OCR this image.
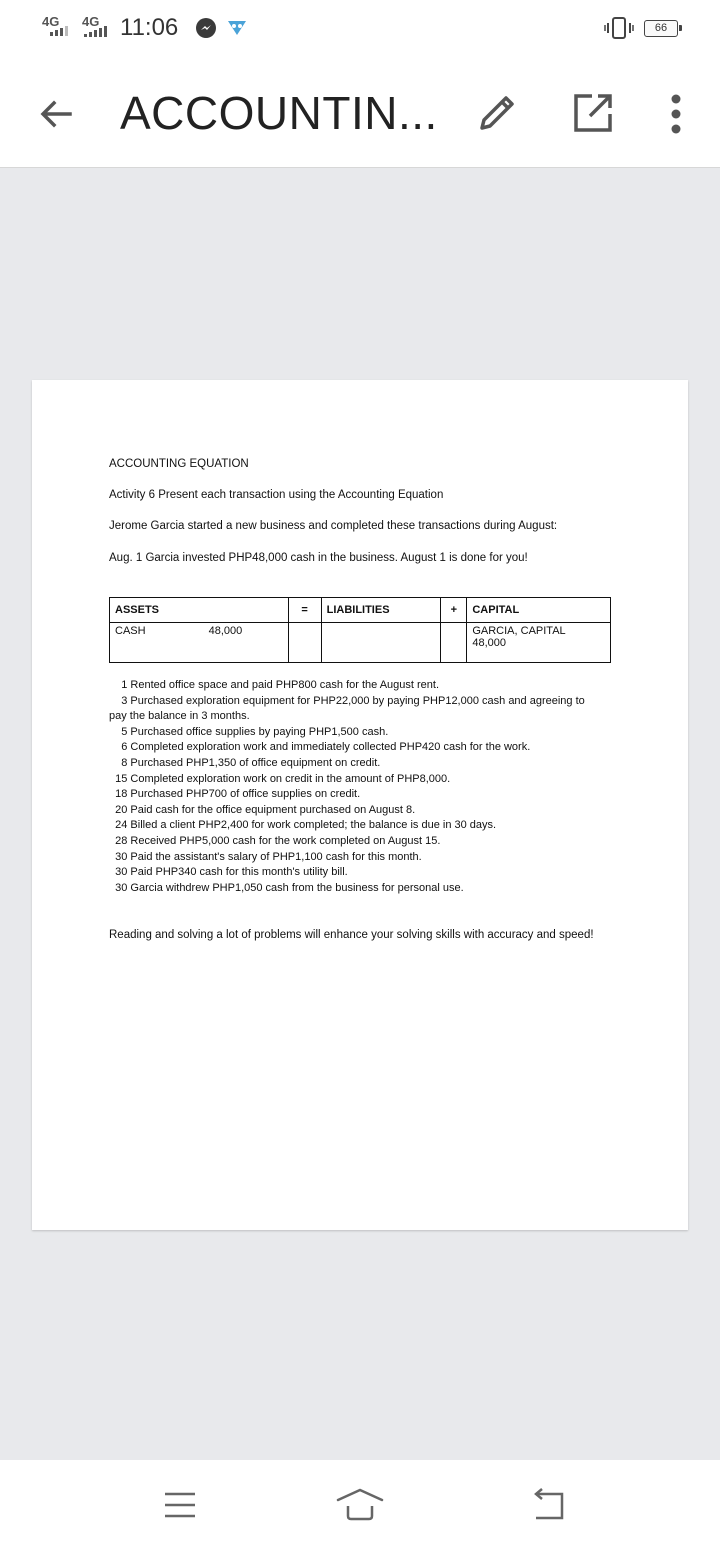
4G 4G 11:06	66
ACCOUNTIN...
ACCOUNTING EQUATION
Activity 6 Present each transaction using the Accounting Equation
Jerome Garcia started a new business and completed these transactions during August:
Aug. 1 Garcia invested PHP48,000 cash in the business. August 1 is done for you!
ASSETS	=	LIABILITIES	+	CAPITAL
CASH 48,000				GARCIA, CAPITAL
48,000
1 Rented office space and paid PHP800 cash for the August rent.
3 Purchased exploration equipment for PHP22,000 by paying PHP12,000 cash and agreeing to pay the balance in 3 months.
5 Purchased office supplies by paying PHP1,500 cash.
6 Completed exploration work and immediately collected PHP420 cash for the work.
8 Purchased PHP1,350 of office equipment on credit.
15 Completed exploration work on credit in the amount of PHP8,000.
18 Purchased PHP700 of office supplies on credit.
20 Paid cash for the office equipment purchased on August 8.
24 Billed a client PHP2,400 for work completed; the balance is due in 30 days.
28 Received PHP5,000 cash for the work completed on August 15.
30 Paid the assistant's salary of PHP1,100 cash for this month.
30 Paid PHP340 cash for this month's utility bill.
30 Garcia withdrew PHP1,050 cash from the business for personal use.
Reading and solving a lot of problems will enhance your solving skills with accuracy and speed!
